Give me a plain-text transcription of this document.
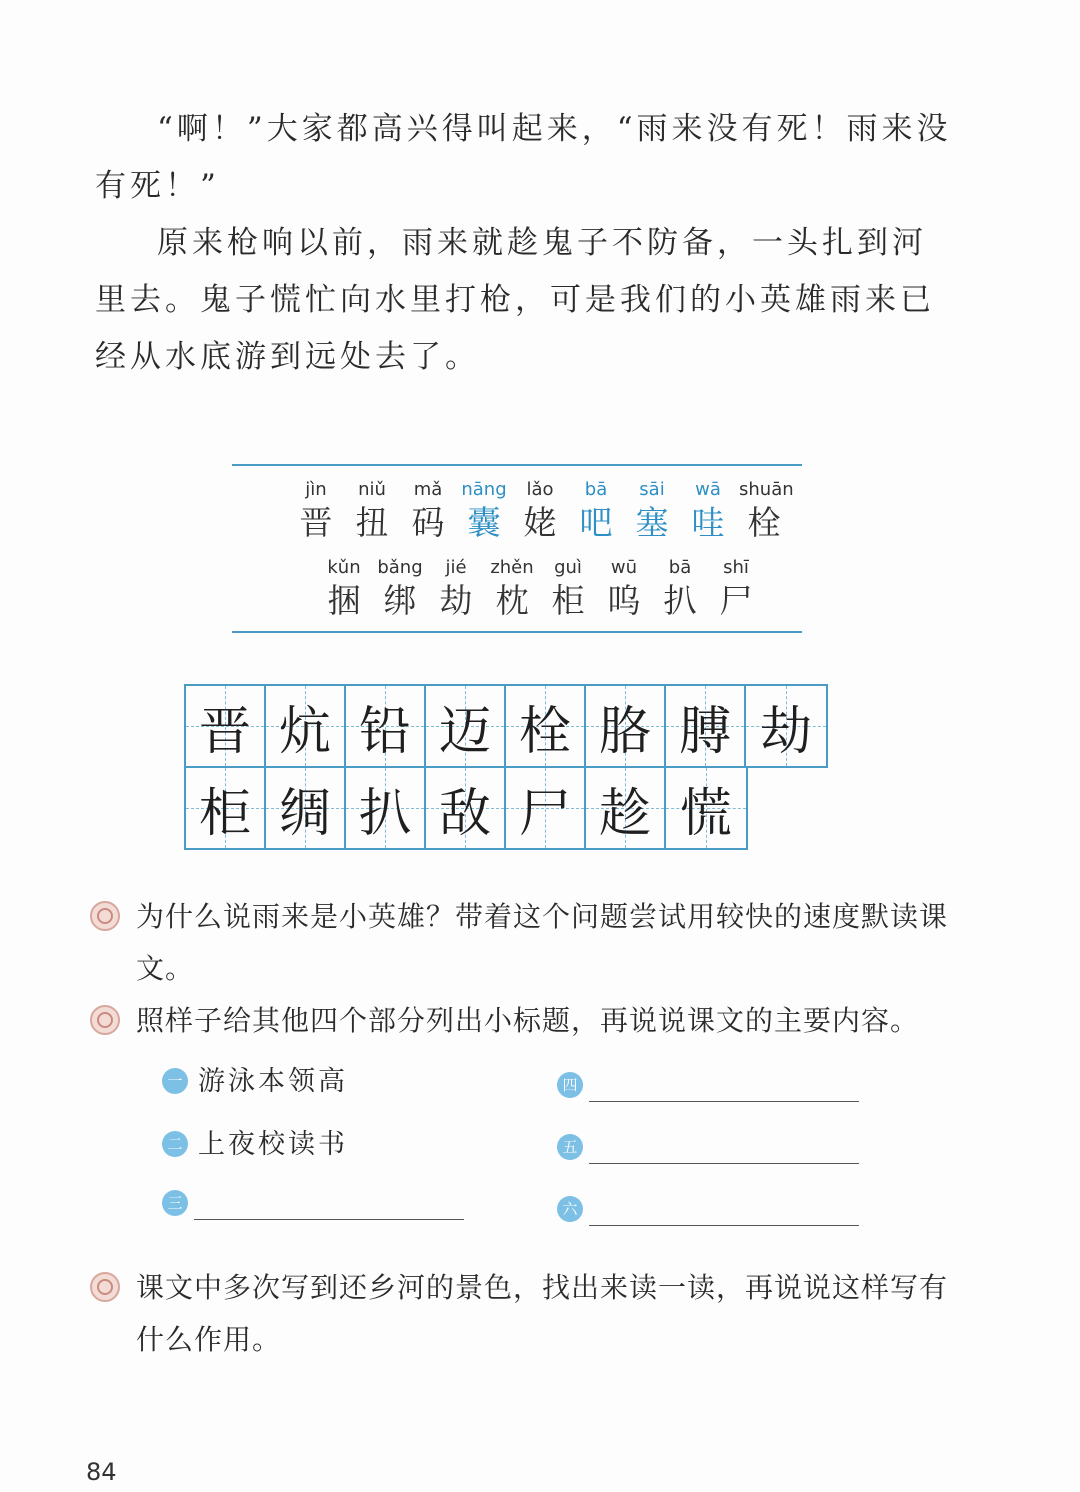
“啊！”大家都高兴得叫起来，“雨来没有死！雨来没有死！”

原来枪响以前，雨来就趁鬼子不防备，一头扎到河里去。鬼子慌忙向水里打枪，可是我们的小英雄雨来已经从水底游到远处去了。

jìn
晋
niǔ
扭
mǎ
码
nāng
囊
lǎo
姥
bā
吧
sāi
塞
wā
哇
shuān
栓
kǔn
捆
bǎng
绑
jié
劫
zhěn
枕
guì
柜
wū
呜
bā
扒
shī
尸
晋 炕 铅 迈 栓 胳 膊 劫
柜 绸 扒 敌 尸 趁 慌
为什么说雨来是小英雄？带着这个问题尝试用较快的速度默读课文。
照样子给其他四个部分列出小标题，再说说课文的主要内容。
一 游泳本领高
二 上夜校读书
三
四
五
六
课文中多次写到还乡河的景色，找出来读一读，再说说这样写有什么作用。
84
